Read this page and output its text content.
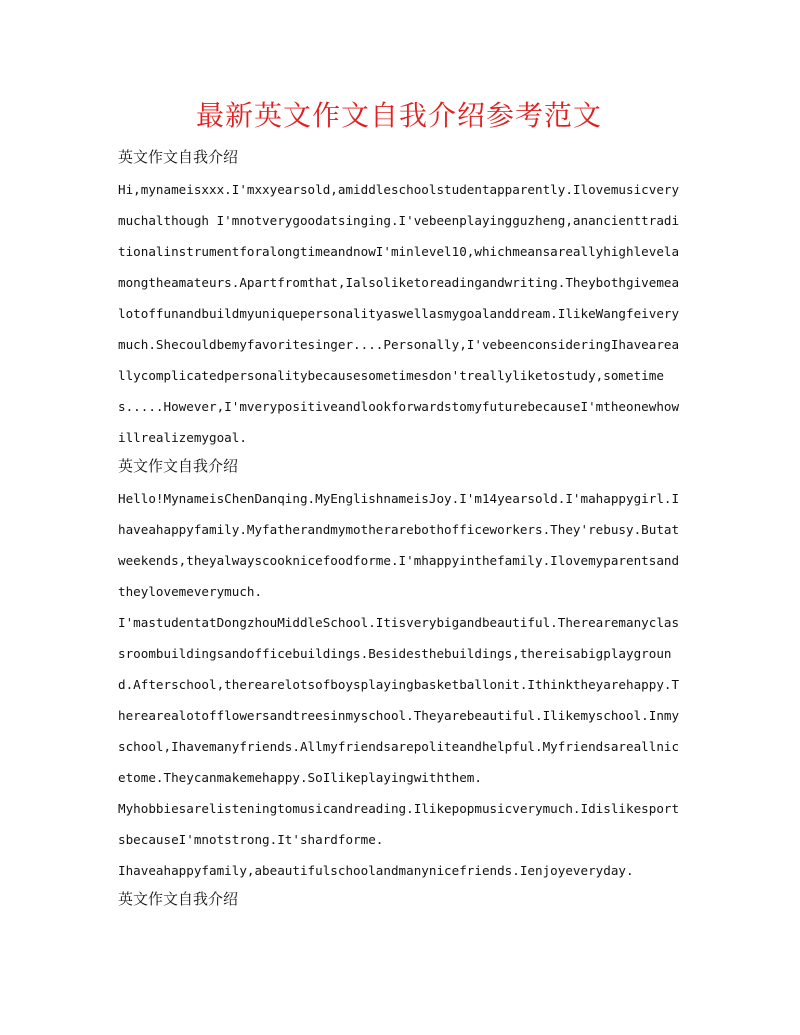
最新英文作文自我介绍参考范文
英文作文自我介绍

Hi,mynameisxxx.I'mxxyearsold,amiddleschoolstudentapparently.Ilovemusicverymuchalthough I'mnotverygoodatsinging.I'vebeenplayingguzheng,anancienttraditionalinstrumentforalongtimeandnowI'minlevel10,whichmeansareallyhighlevelamongtheamateurs.Apartfromthat,Ialsoliketoreadingandwriting.Theybothgivemealotoffunandbuildmyuniquepersonalityaswellasmygoalanddream.IlikeWangfeiverymuch.Shecouldbemyfavoritesinger....Personally,I'vebeenconsideringIhaveareallycomplicatedpersonalitybecausesometimesdon'treallyliketostudy,sometimes.....However,I'mverypositiveandlookforwardstomyfuturebecauseI'mtheonewhowillrealizemygoal.

英文作文自我介绍

Hello!MynameisChenDanqing.MyEnglishnameisJoy.I'm14yearsold.I'mahappygirl.Ihaveahappyfamily.Myfatherandmymotherarebothofficeworkers.They'rebusy.Butatweekends,theyalwayscooknicefoodforme.I'mhappyinthefamily.Ilovemyparentsandtheylovemeverymuch.

I'mastudentatDongzhouMiddleSchool.Itisverybigandbeautiful.Therearemanyclassroombuildingsandofficebuildings.Besidesthebuildings,thereisabigplayground.Afterschool,therearelotsofboysplayingbasketballonit.Ithinktheyarehappy.Therearealotofflowersandtreesinmyschool.Theyarebeautiful.Ilikemyschool.Inmyschool,Ihavemanyfriends.Allmyfriendsarepoliteandhelpful.Myfriendsareallnicetome.Theycanmakemehappy.SoIlikeplayingwiththem.

Myhobbiesarelisteningtomusicandreading.Ilikepopmusicverymuch.IdislikesportsbecauseI'mnotstrong.It'shardforme.

Ihaveahappyfamily,abeautifulschoolandmanynicefriends.Ienjoyeveryday.

英文作文自我介绍
